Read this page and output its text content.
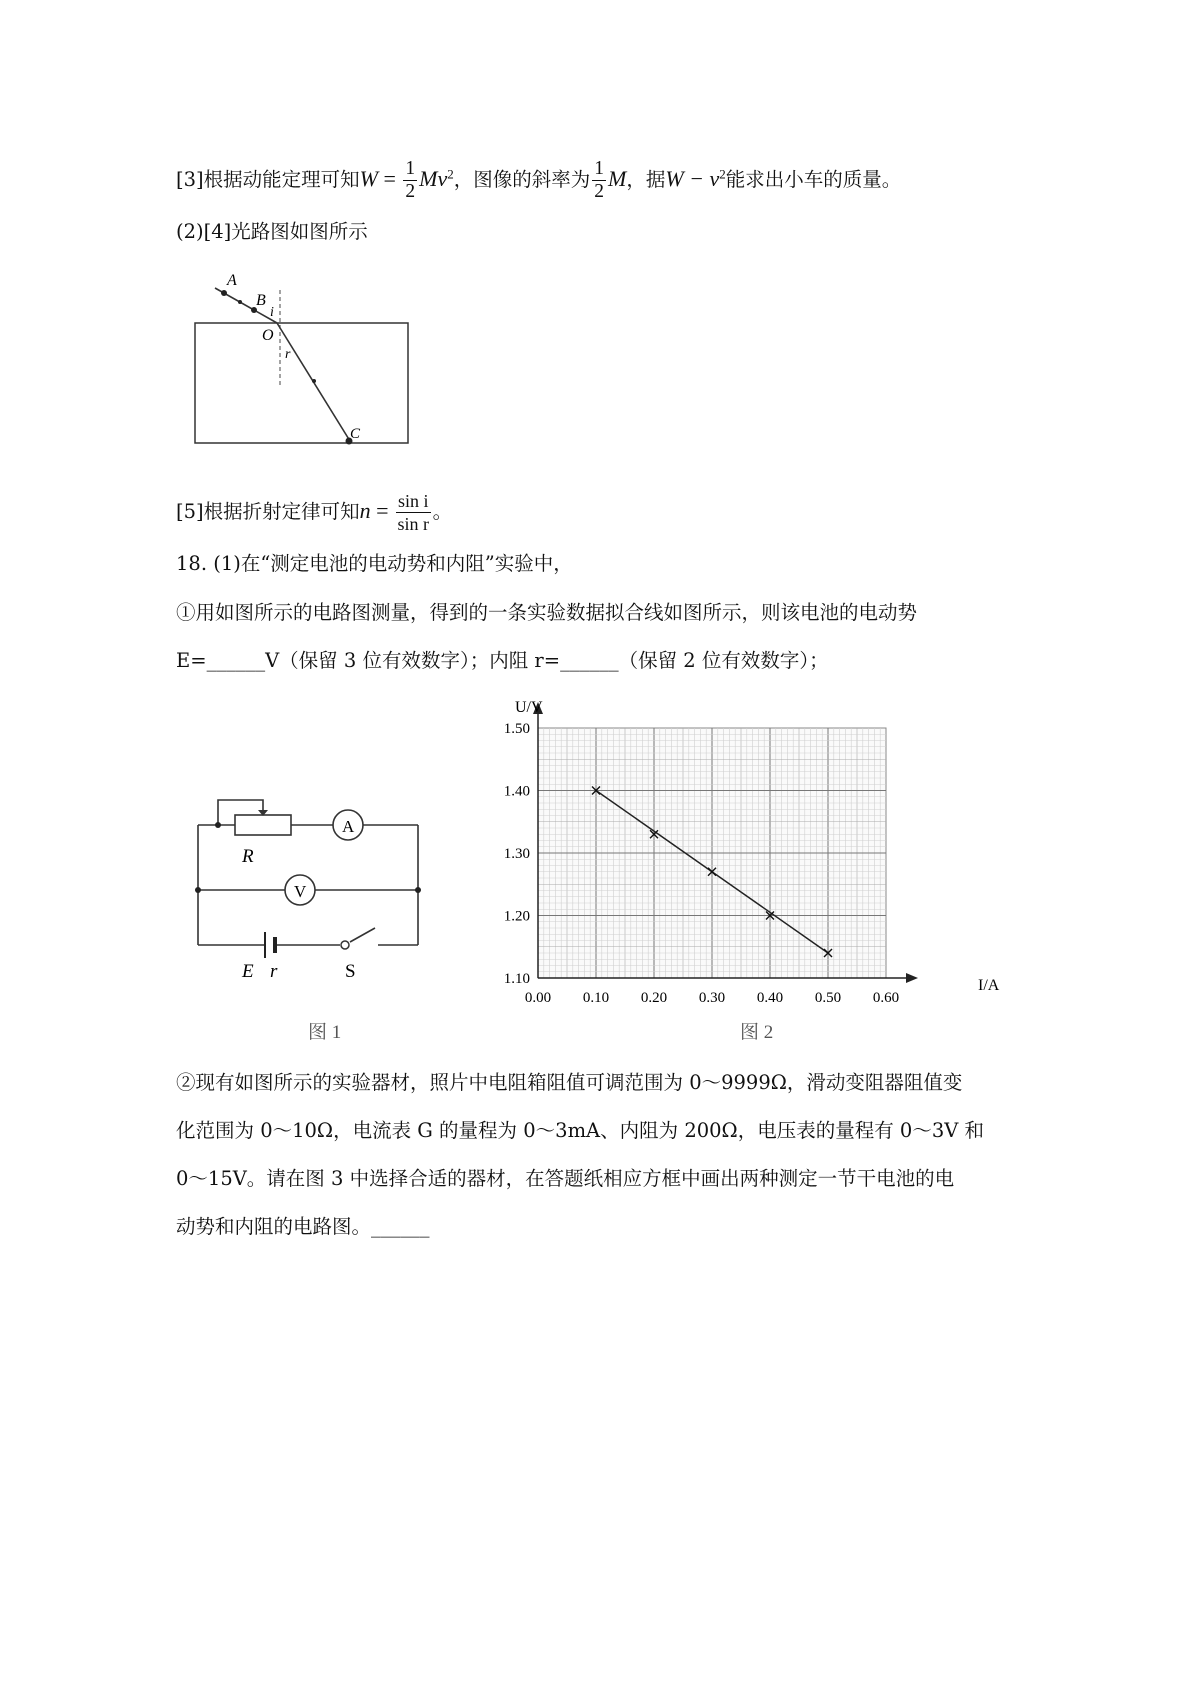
[3]根据动能定理可知$W = \frac{1}{2} Mv^2$，图像的斜率为 $\frac{1}{2}$ M，据$W - v^2$能求出小车的质量。
(2)[4]光路图如图所示
A
B
i
O
r
C
[5]根据折射定律可知$n = \frac{\text{sin i}}{\text{sin r}}$ 。
18. (1)在“测定电池的电动势和内阻”实验中，
①用如图所示的电路图测量，得到的一条实验数据拟合线如图所示，则该电池的电动势
E=______V（保留 3 位有效数字）；内阻 r=______（保留 2 位有效数字）；
R
A
V
E r	S
图 1
0.00 0.10 0.20 0.30 0.40 0.50 0.60
1.10
1.20
1.30
1.40
1.50
U/V
I/A
图 2
②现有如图所示的实验器材，照片中电阻箱阻值可调范围为 0～9999Ω，滑动变阻器阻值变
化范围为 0～10Ω，电流表 G 的量程为 0～3mA、内阻为 200Ω，电压表的量程有 0～3V 和
0～15V。请在图 3 中选择合适的器材，在答题纸相应方框中画出两种测定一节干电池的电
动势和内阻的电路图。______
